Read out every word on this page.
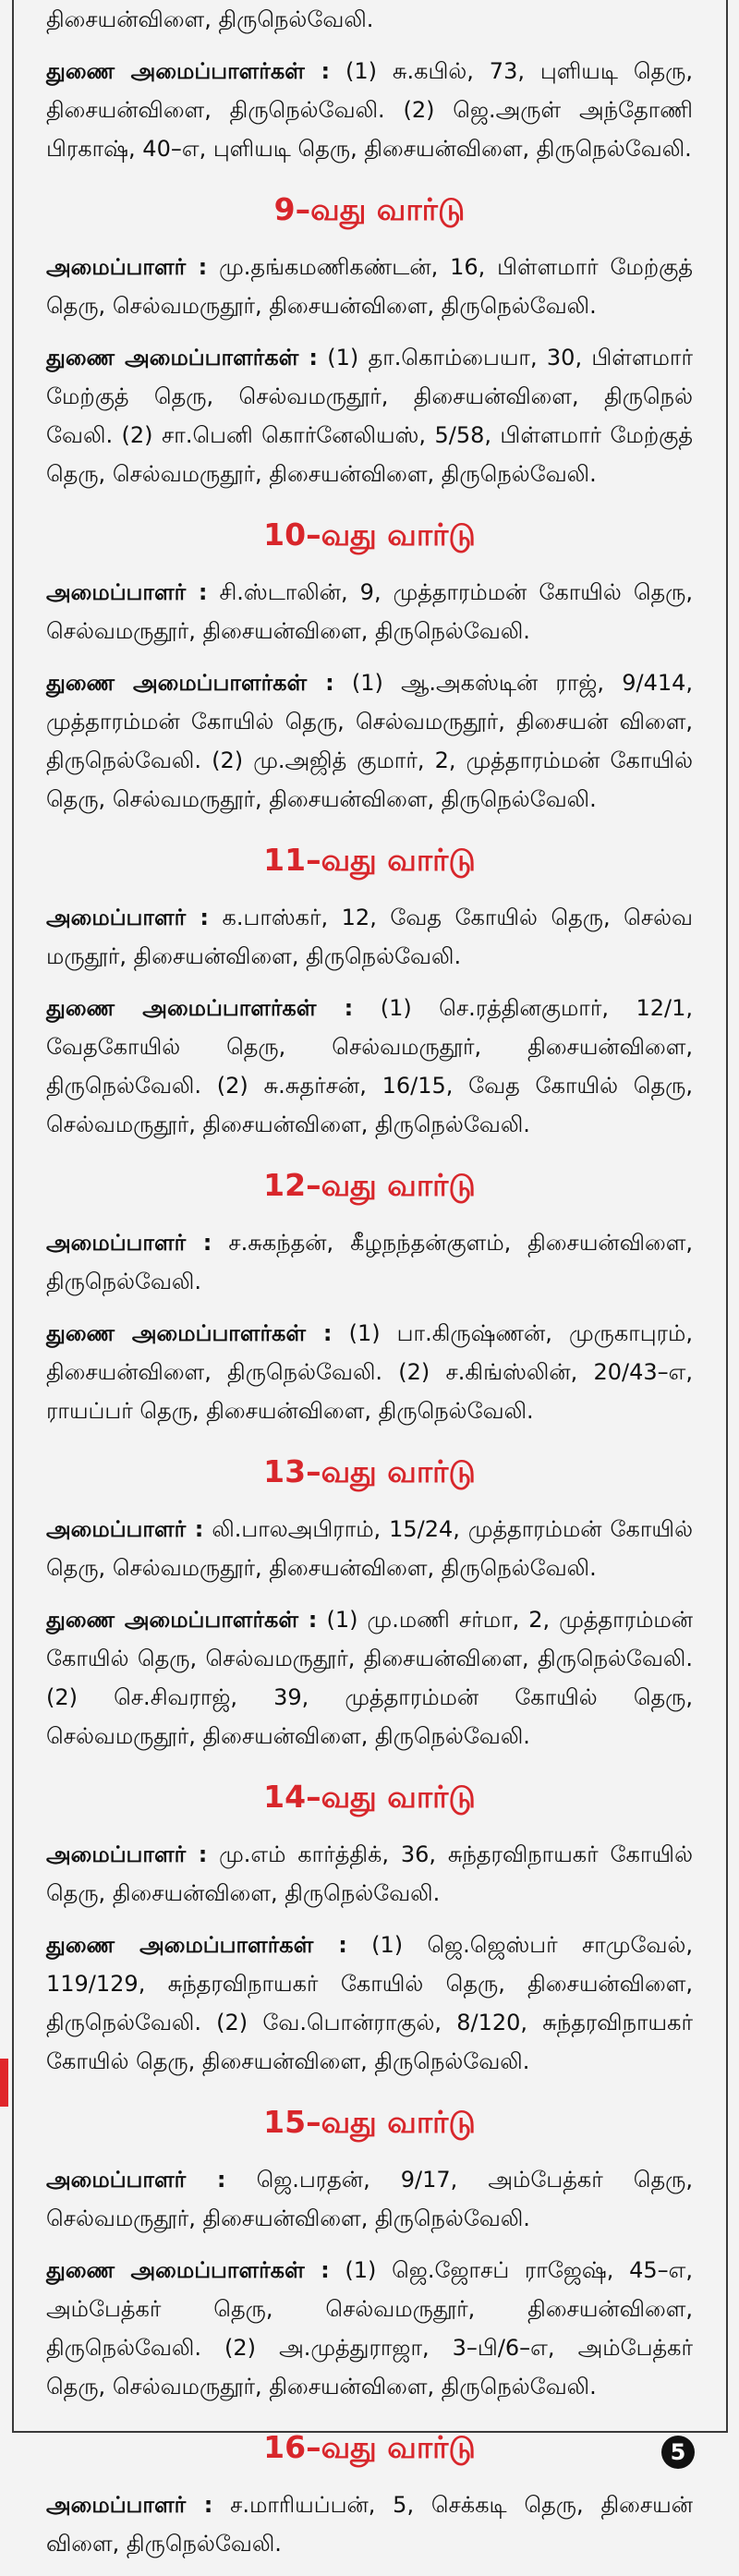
திசையன்விளை, திருநெல்வேலி.

துணை அமைப்பாளர்கள் : (1) சு.கபில், 73, புளியடி தெரு, திசையன்விளை, திருநெல்வேலி. (2) ஜெ.அருள் அந்தோணி பிரகாஷ், 40–எ, புளியடி தெரு, திசையன்விளை, திருநெல்வேலி.

9–வது வார்டு

அமைப்பாளர் : மு.தங்கமணிகண்டன், 16, பிள்ளமார் மேற்குத் தெரு, செல்வமருதூர், திசையன்விளை, திருநெல்வேலி.

துணை அமைப்பாளர்கள் : (1) தா.கொம்பையா, 30, பிள்ளமார் மேற்குத் தெரு, செல்வமருதூர், திசையன்விளை, திருநெல் வேலி. (2) சா.பெனி கொர்னேலியஸ், 5/58, பிள்ளமார் மேற்குத் தெரு, செல்வமருதூர், திசையன்விளை, திருநெல்வேலி.

10–வது வார்டு

அமைப்பாளர் : சி.ஸ்டாலின், 9, முத்தாரம்மன் கோயில் தெரு, செல்வமருதூர், திசையன்விளை, திருநெல்வேலி.

துணை அமைப்பாளர்கள் : (1) ஆ.அகஸ்டின் ராஜ், 9/414, முத்தாரம்மன் கோயில் தெரு, செல்வமருதூர், திசையன் விளை, திருநெல்வேலி. (2) மு.அஜித் குமார், 2, முத்தாரம்மன் கோயில் தெரு, செல்வமருதூர், திசையன்விளை, திருநெல்வேலி.

11–வது வார்டு

அமைப்பாளர் : க.பாஸ்கர், 12, வேத கோயில் தெரு, செல்வ மருதூர், திசையன்விளை, திருநெல்வேலி.

துணை அமைப்பாளர்கள் : (1) செ.ரத்தினகுமார், 12/1, வேதகோயில் தெரு, செல்வமருதூர், திசையன்விளை, திருநெல்வேலி. (2) சு.சுதர்சன், 16/15, வேத கோயில் தெரு, செல்வமருதூர், திசையன்விளை, திருநெல்வேலி.

12–வது வார்டு

அமைப்பாளர் : ச.சுகந்தன், கீழநந்தன்குளம், திசையன்விளை, திருநெல்வேலி.

துணை அமைப்பாளர்கள் : (1) பா.கிருஷ்ணன், முருகாபுரம், திசையன்விளை, திருநெல்வேலி. (2) ச.கிங்ஸ்லின், 20/43–எ, ராயப்பர் தெரு, திசையன்விளை, திருநெல்வேலி.

13–வது வார்டு

அமைப்பாளர் : லி.பாலஅபிராம், 15/24, முத்தாரம்மன் கோயில் தெரு, செல்வமருதூர், திசையன்விளை, திருநெல்வேலி.

துணை அமைப்பாளர்கள் : (1) மு.மணி சர்மா, 2, முத்தாரம்மன் கோயில் தெரு, செல்வமருதூர், திசையன்விளை, திருநெல்வேலி. (2) செ.சிவராஜ், 39, முத்தாரம்மன் கோயில் தெரு, செல்வமருதூர், திசையன்விளை, திருநெல்வேலி.

14–வது வார்டு

அமைப்பாளர் : மு.எம் கார்த்திக், 36, சுந்தரவிநாயகர் கோயில் தெரு, திசையன்விளை, திருநெல்வேலி.

துணை அமைப்பாளர்கள் : (1) ஜெ.ஜெஸ்பர் சாமுவேல், 119/129, சுந்தரவிநாயகர் கோயில் தெரு, திசையன்விளை, திருநெல்வேலி. (2) வே.பொன்ராகுல், 8/120, சுந்தரவிநாயகர் கோயில் தெரு, திசையன்விளை, திருநெல்வேலி.

15–வது வார்டு

அமைப்பாளர் : ஜெ.பரதன், 9/17, அம்பேத்கர் தெரு, செல்வமருதூர், திசையன்விளை, திருநெல்வேலி.

துணை அமைப்பாளர்கள் : (1) ஜெ.ஜோசப் ராஜேஷ், 45–எ, அம்பேத்கர் தெரு, செல்வமருதூர், திசையன்விளை, திருநெல்வேலி. (2) அ.முத்துராஜா, 3–பி/6–எ, அம்பேத்கர் தெரு, செல்வமருதூர், திசையன்விளை, திருநெல்வேலி.

16–வது வார்டு

அமைப்பாளர் : ச.மாரியப்பன், 5, செக்கடி தெரு, திசையன் விளை, திருநெல்வேலி.

5
